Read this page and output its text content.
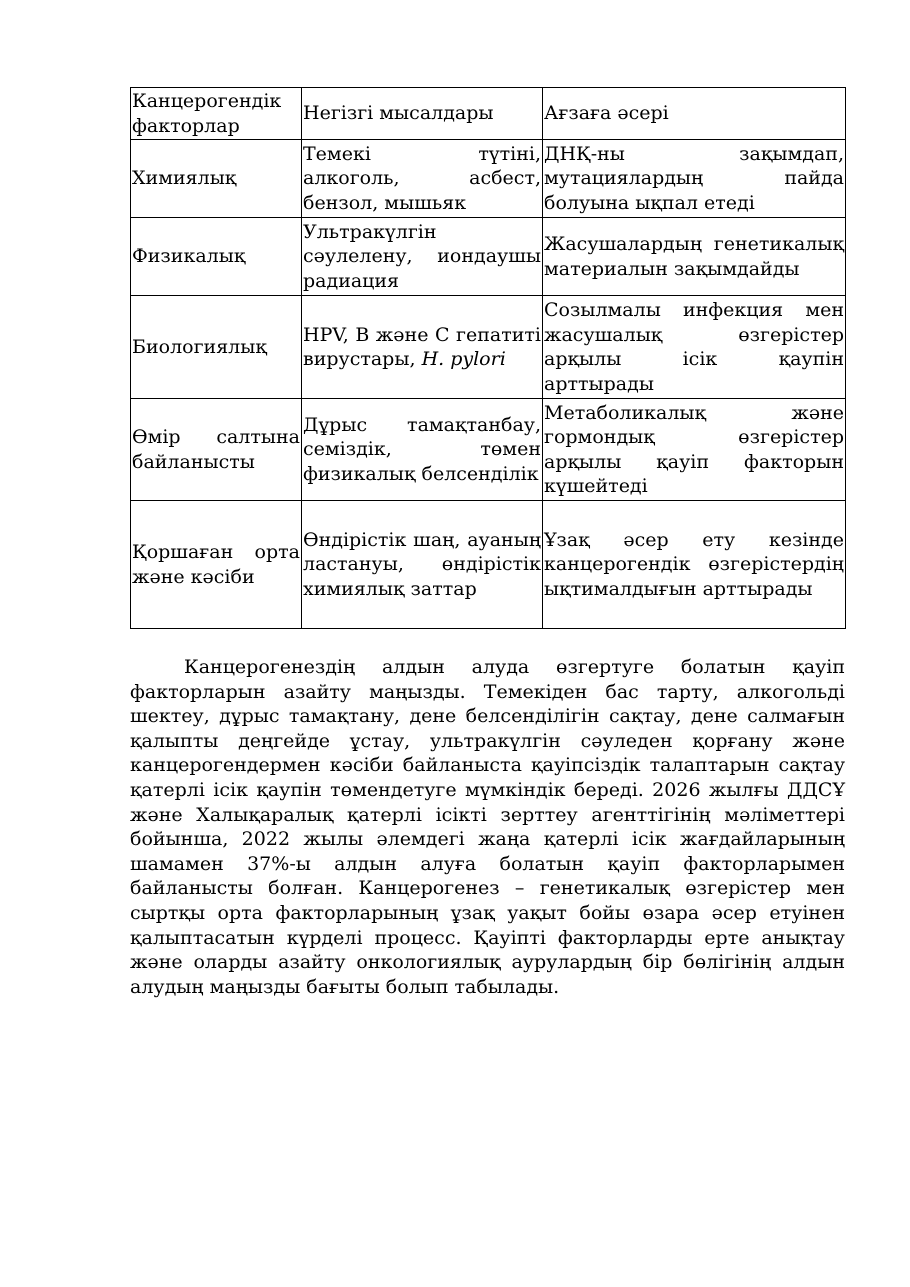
Канцерогендік факторлар	Негізгі мысалдары	Ағзаға әсері
Химиялық	Темекі түтіні, алкоголь, асбест, бензол, мышьяк	ДНҚ-ны зақымдап, мутациялардың пайда болуына ықпал етеді
Физикалық	Ультракүлгін сәулелену, иондаушы радиация	Жасушалардың генетикалық материалын зақымдайды
Биологиялық	HPV, B және C гепатиті вирустары, H. pylori	Созылмалы инфекция мен жасушалық өзгерістер арқылы ісік қаупін арттырады
Өмір салтына байланысты	Дұрыс тамақтанбау, семіздік, төмен физикалық белсенділік	Метаболикалық және гормондық өзгерістер арқылы қауіп факторын күшейтеді
Қоршаған орта және кәсіби	Өндірістік шаң, ауаның ластануы, өндірістік химиялық заттар	Ұзақ әсер ету кезінде канцерогендік өзгерістердің ықтималдығын арттырады

Канцерогенездің алдын алуда өзгертуге болатын қауіп факторларын азайту маңызды. Темекіден бас тарту, алкогольді шектеу, дұрыс тамақтану, дене белсенділігін сақтау, дене салмағын қалыпты деңгейде ұстау, ультракүлгін сәуледен қорғану және канцерогендермен кәсіби байланыста қауіпсіздік талаптарын сақтау қатерлі ісік қаупін төмендетуге мүмкіндік береді. 2026 жылғы ДДСҰ және Халықаралық қатерлі ісікті зерттеу агенттігінің мәліметтері бойынша, 2022 жылы әлемдегі жаңа қатерлі ісік жағдайларының шамамен 37%-ы алдын алуға болатын қауіп факторларымен байланысты болған. Канцерогенез – генетикалық өзгерістер мен сыртқы орта факторларының ұзақ уақыт бойы өзара әсер етуінен қалыптасатын күрделі процесс. Қауіпті факторларды ерте анықтау және оларды азайту онкологиялық аурулардың бір бөлігінің алдын алудың маңызды бағыты болып табылады.
